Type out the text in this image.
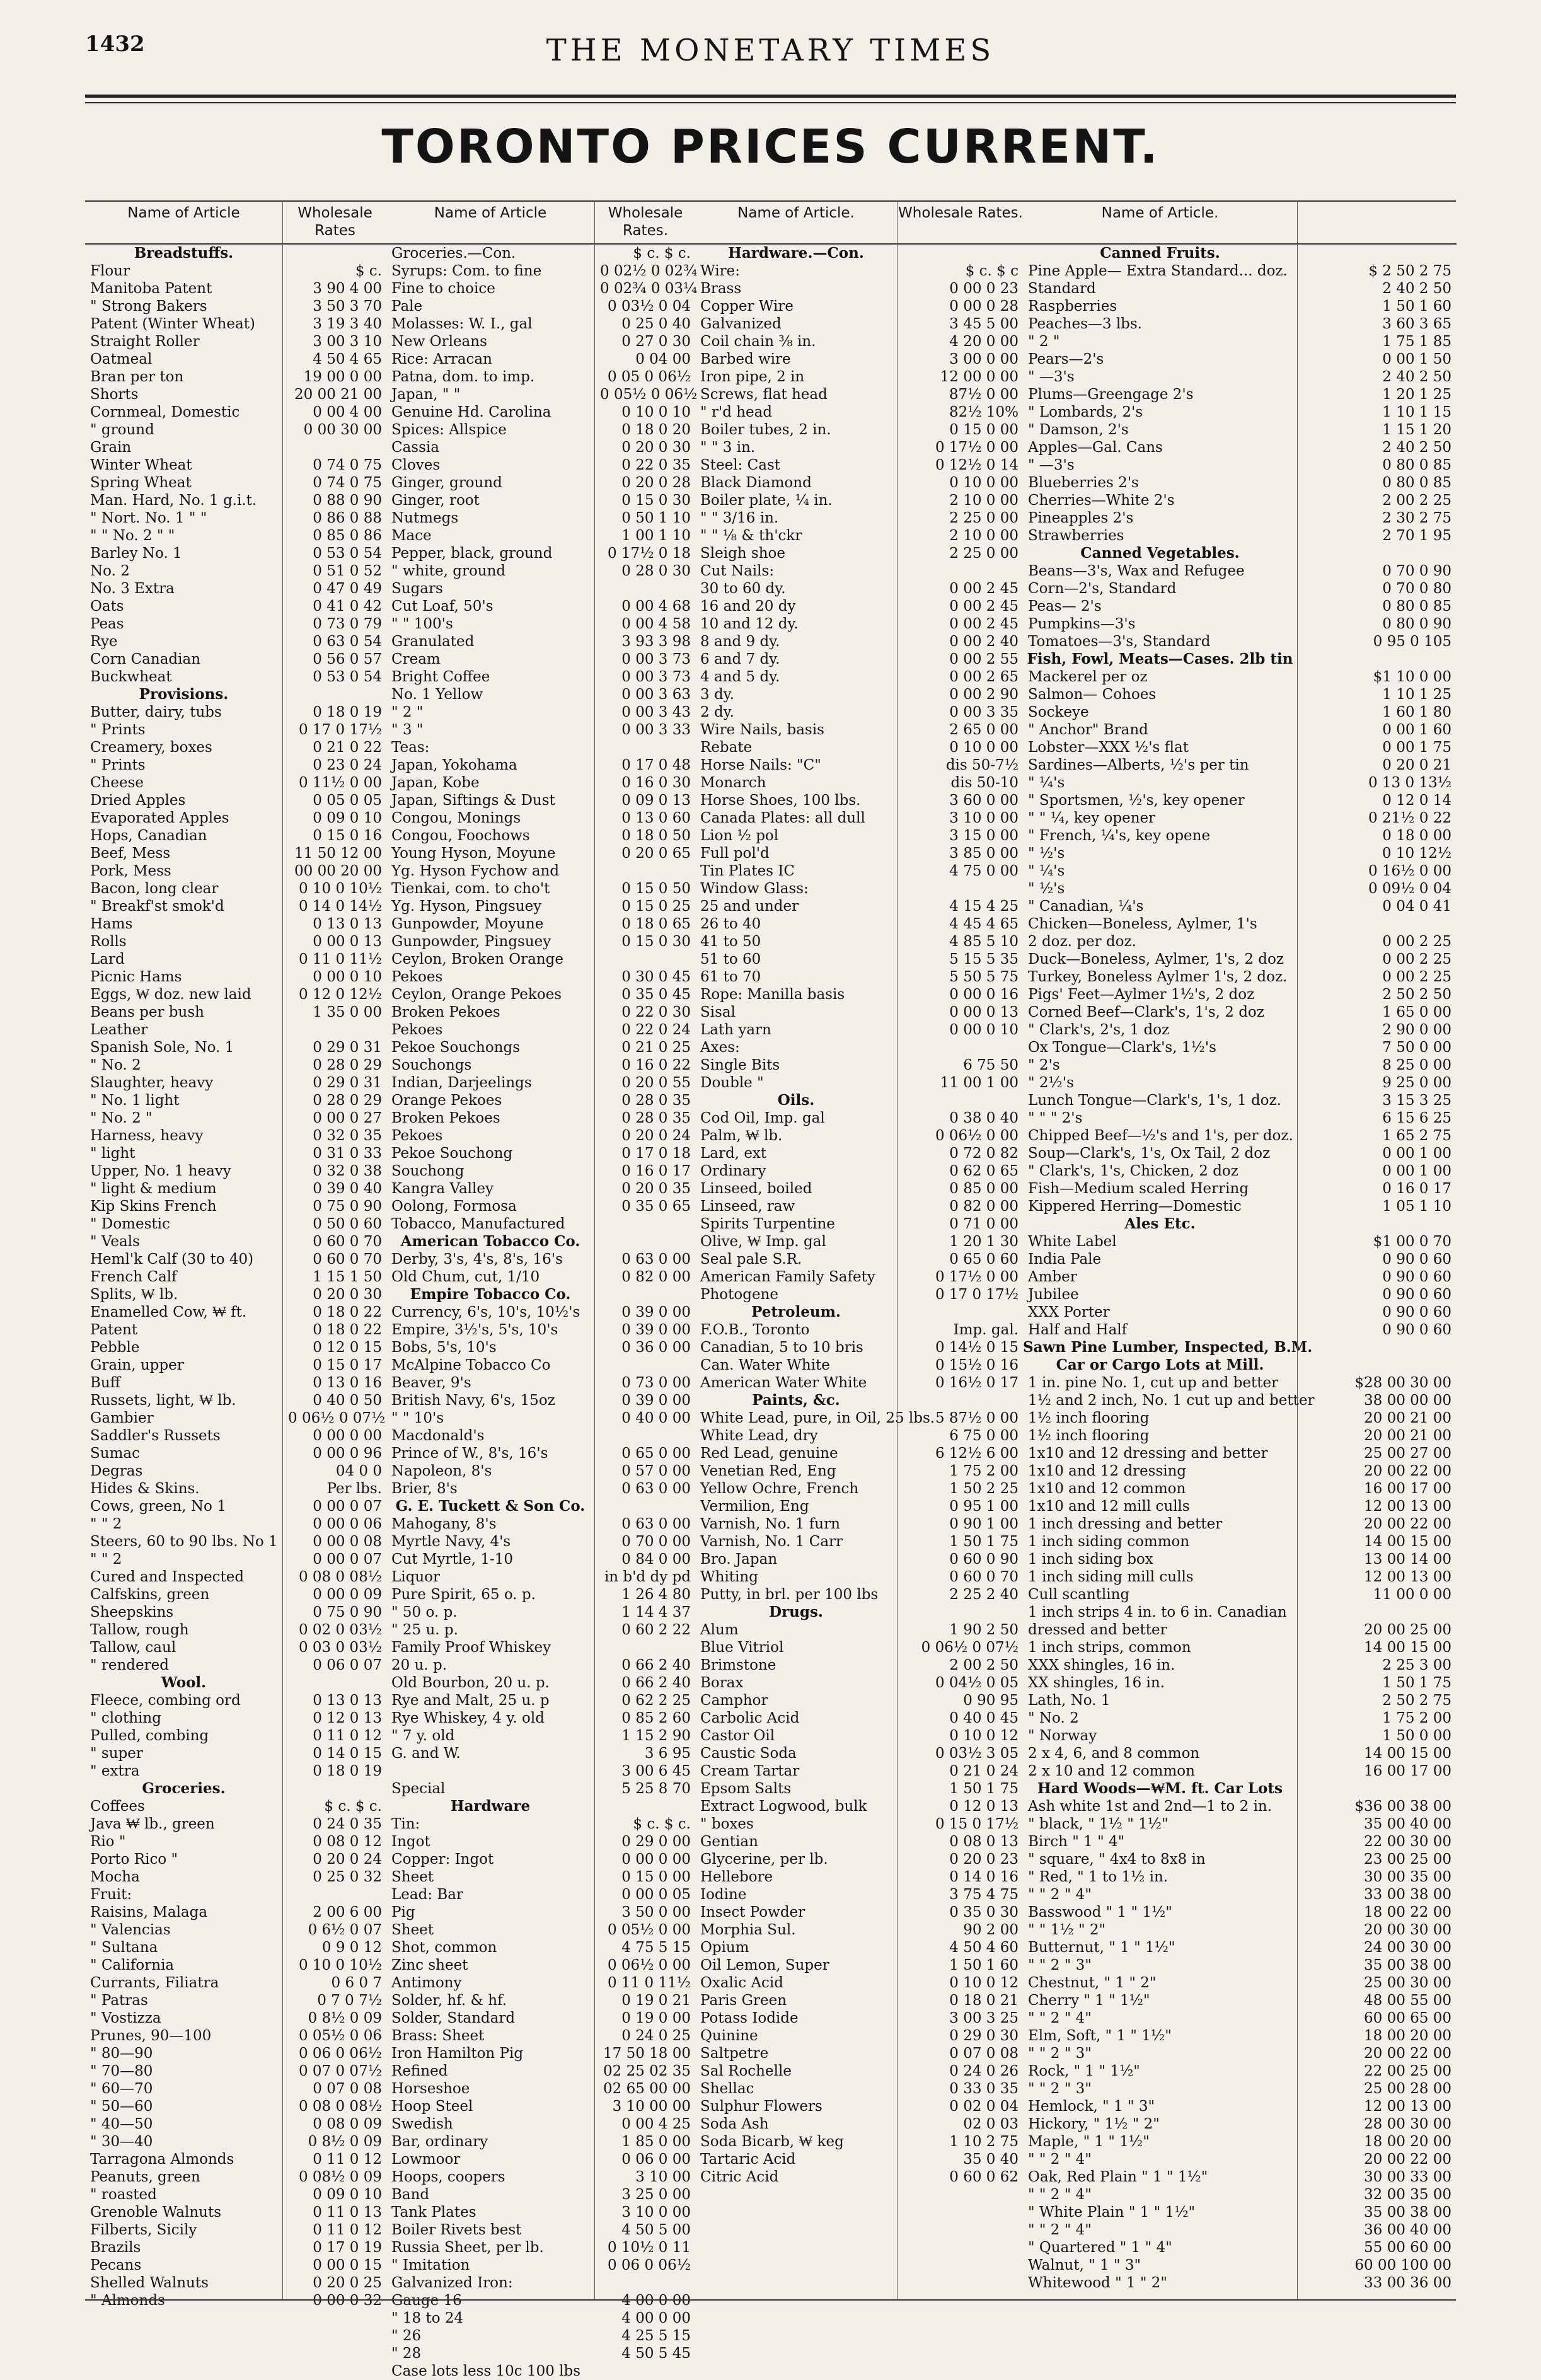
1432	THE MONETARY TIMES
TORONTO PRICES CURRENT.
Name of Article
Breadstuffs.
Flour
Manitoba Patent
" Strong Bakers
Patent (Winter Wheat)
Straight Roller
Oatmeal
Bran per ton
Shorts
Cornmeal, Domestic
" ground
Grain
Winter Wheat
Spring Wheat
Man. Hard, No. 1 g.i.t.
" Nort. No. 1 " "
" " No. 2 " "
Barley No. 1
No. 2
No. 3 Extra
Oats
Peas
Rye
Corn Canadian
Buckwheat
Provisions.
Butter, dairy, tubs
" Prints
Creamery, boxes
" Prints
Cheese
Dried Apples
Evaporated Apples
Hops, Canadian
Beef, Mess
Pork, Mess
Bacon, long clear
" Breakf'st smok'd
Hams
Rolls
Lard
Picnic Hams
Eggs, ₩ doz. new laid
Beans per bush
Leather
Spanish Sole, No. 1
" No. 2
Slaughter, heavy
" No. 1 light
" No. 2 "
Harness, heavy
" light
Upper, No. 1 heavy
" light & medium
Kip Skins French
" Domestic
" Veals
Heml'k Calf (30 to 40)
French Calf
Splits, ₩ lb.
Enamelled Cow, ₩ ft.
Patent
Pebble
Grain, upper
Buff
Russets, light, ₩ lb.
Gambier
Saddler's Russets
Sumac
Degras
Hides & Skins.
Cows, green, No 1
" " 2
Steers, 60 to 90 lbs. No 1
" " 2
Cured and Inspected
Calfskins, green
Sheepskins
Tallow, rough
Tallow, caul
" rendered
Wool.
Fleece, combing ord
" clothing
Pulled, combing
" super
" extra
Groceries.
Coffees
Java ₩ lb., green
Rio "
Porto Rico "
Mocha
Fruit:
Raisins, Malaga
" Valencias
" Sultana
" California
Currants, Filiatra
" Patras
" Vostizza
Prunes, 90—100
" 80—90
" 70—80
" 60—70
" 50—60
" 40—50
" 30—40
Tarragona Almonds
Peanuts, green
" roasted
Grenoble Walnuts
Filberts, Sicily
Brazils
Pecans
Shelled Walnuts
" Almonds
Wholesale Rates
$ c.
3 90 4 00
3 50 3 70
3 19 3 40
3 00 3 10
4 50 4 65
19 00 0 00
20 00 21 00
0 00 4 00
0 00 30 00
0 74 0 75
0 74 0 75
0 88 0 90
0 86 0 88
0 85 0 86
0 53 0 54
0 51 0 52
0 47 0 49
0 41 0 42
0 73 0 79
0 63 0 54
0 56 0 57
0 53 0 54
0 18 0 19
0 17 0 17½
0 21 0 22
0 23 0 24
0 11½ 0 00
0 05 0 05
0 09 0 10
0 15 0 16
11 50 12 00
00 00 20 00
0 10 0 10½
0 14 0 14½
0 13 0 13
0 00 0 13
0 11 0 11½
0 00 0 10
0 12 0 12½
1 35 0 00
0 29 0 31
0 28 0 29
0 29 0 31
0 28 0 29
0 00 0 27
0 32 0 35
0 31 0 33
0 32 0 38
0 39 0 40
0 75 0 90
0 50 0 60
0 60 0 70
0 60 0 70
1 15 1 50
0 20 0 30
0 18 0 22
0 18 0 22
0 12 0 15
0 15 0 17
0 13 0 16
0 40 0 50
0 06½ 0 07½
0 00 0 00
0 00 0 96
04 0 0
Per lbs.
0 00 0 07
0 00 0 06
0 00 0 08
0 00 0 07
0 08 0 08½
0 00 0 09
0 75 0 90
0 02 0 03½
0 03 0 03½
0 06 0 07
0 13 0 13
0 12 0 13
0 11 0 12
0 14 0 15
0 18 0 19
$ c. $ c.
0 24 0 35
0 08 0 12
0 20 0 24
0 25 0 32
2 00 6 00
0 6½ 0 07
0 9 0 12
0 10 0 10½
0 6 0 7
0 7 0 7½
0 8½ 0 09
0 05½ 0 06
0 06 0 06½
0 07 0 07½
0 07 0 08
0 08 0 08½
0 08 0 09
0 8½ 0 09
0 11 0 12
0 08½ 0 09
0 09 0 10
0 11 0 13
0 11 0 12
0 17 0 19
0 00 0 15
0 20 0 25
0 00 0 32
Name of Article
Groceries.—Con.
Syrups: Com. to fine
Fine to choice
Pale
Molasses: W. I., gal
New Orleans
Rice: Arracan
Patna, dom. to imp.
Japan, " "
Genuine Hd. Carolina
Spices: Allspice
Cassia
Cloves
Ginger, ground
Ginger, root
Nutmegs
Mace
Pepper, black, ground
" white, ground
Sugars
Cut Loaf, 50's
" " 100's
Granulated
Cream
Bright Coffee
No. 1 Yellow
" 2 "
" 3 "
Teas:
Japan, Yokohama
Japan, Kobe
Japan, Siftings & Dust
Congou, Monings
Congou, Foochows
Young Hyson, Moyune
Yg. Hyson Fychow and
Tienkai, com. to cho't
Yg. Hyson, Pingsuey
Gunpowder, Moyune
Gunpowder, Pingsuey
Ceylon, Broken Orange
Pekoes
Ceylon, Orange Pekoes
Broken Pekoes
Pekoes
Pekoe Souchongs
Souchongs
Indian, Darjeelings
Orange Pekoes
Broken Pekoes
Pekoes
Pekoe Souchong
Souchong
Kangra Valley
Oolong, Formosa
Tobacco, Manufactured
American Tobacco Co.
Derby, 3's, 4's, 8's, 16's
Old Chum, cut, 1/10
Empire Tobacco Co.
Currency, 6's, 10's, 10½'s
Empire, 3½'s, 5's, 10's
Bobs, 5's, 10's
McAlpine Tobacco Co
Beaver, 9's
British Navy, 6's, 15oz
" " 10's
Macdonald's
Prince of W., 8's, 16's
Napoleon, 8's
Brier, 8's
G. E. Tuckett & Son Co.
Mahogany, 8's
Myrtle Navy, 4's
Cut Myrtle, 1-10
Liquor
Pure Spirit, 65 o. p.
" 50 o. p.
" 25 u. p.
Family Proof Whiskey
20 u. p.
Old Bourbon, 20 u. p.
Rye and Malt, 25 u. p
Rye Whiskey, 4 y. old
" 7 y. old
G. and W.
Special
Hardware
Tin:
Ingot
Copper: Ingot
Sheet
Lead: Bar
Pig
Sheet
Shot, common
Zinc sheet
Antimony
Solder, hf. & hf.
Solder, Standard
Brass: Sheet
Iron Hamilton Pig
Refined
Horseshoe
Hoop Steel
Swedish
Bar, ordinary
Lowmoor
Hoops, coopers
Band
Tank Plates
Boiler Rivets best
Russia Sheet, per lb.
" Imitation
Galvanized Iron:
Gauge 16
" 18 to 24
" 26
" 28
Case lots less 10c 100 lbs
Wholesale Rates.
$ c. $ c.
0 02½ 0 02¾
0 02¾ 0 03¼
0 03½ 0 04
0 25 0 40
0 27 0 30
0 04 00
0 05 0 06½
0 05½ 0 06½
0 10 0 10
0 18 0 20
0 20 0 30
0 22 0 35
0 20 0 28
0 15 0 30
0 50 1 10
1 00 1 10
0 17½ 0 18
0 28 0 30
0 00 4 68
0 00 4 58
3 93 3 98
0 00 3 73
0 00 3 73
0 00 3 63
0 00 3 43
0 00 3 33
0 17 0 48
0 16 0 30
0 09 0 13
0 13 0 60
0 18 0 50
0 20 0 65
0 15 0 50
0 15 0 25
0 18 0 65
0 15 0 30
0 30 0 45
0 35 0 45
0 22 0 30
0 22 0 24
0 21 0 25
0 16 0 22
0 20 0 55
0 28 0 35
0 28 0 35
0 20 0 24
0 17 0 18
0 16 0 17
0 20 0 35
0 35 0 65
0 63 0 00
0 82 0 00
0 39 0 00
0 39 0 00
0 36 0 00
0 73 0 00
0 39 0 00
0 40 0 00
0 65 0 00
0 57 0 00
0 63 0 00
0 63 0 00
0 70 0 00
0 84 0 00
in b'd dy pd
1 26 4 80
1 14 4 37
0 60 2 22
0 66 2 40
0 66 2 40
0 62 2 25
0 85 2 60
1 15 2 90
3 6 95
3 00 6 45
5 25 8 70
$ c. $ c.
0 29 0 00
0 00 0 00
0 15 0 00
0 00 0 05
3 50 0 00
0 05½ 0 00
4 75 5 15
0 06½ 0 00
0 11 0 11½
0 19 0 21
0 19 0 00
0 24 0 25
17 50 18 00
02 25 02 35
02 65 00 00
3 10 00 00
0 00 4 25
1 85 0 00
0 06 0 00
3 10 00
3 25 0 00
3 10 0 00
4 50 5 00
0 10½ 0 11
0 06 0 06½
4 00 0 00
4 00 0 00
4 25 5 15
4 50 5 45
Name of Article.
Hardware.—Con.
Wire:
Brass
Copper Wire
Galvanized
Coil chain ⅜ in.
Barbed wire
Iron pipe, 2 in
Screws, flat head
" r'd head
Boiler tubes, 2 in.
" " 3 in.
Steel: Cast
Black Diamond
Boiler plate, ¼ in.
" " 3/16 in.
" " ⅛ & th'ckr
Sleigh shoe
Cut Nails:
30 to 60 dy.
16 and 20 dy
10 and 12 dy.
8 and 9 dy.
6 and 7 dy.
4 and 5 dy.
3 dy.
2 dy.
Wire Nails, basis
Rebate
Horse Nails: "C"
Monarch
Horse Shoes, 100 lbs.
Canada Plates: all dull
Lion ½ pol
Full pol'd
Tin Plates IC
Window Glass:
25 and under
26 to 40
41 to 50
51 to 60
61 to 70
Rope: Manilla basis
Sisal
Lath yarn
Axes:
Single Bits
Double "
Oils.
Cod Oil, Imp. gal
Palm, ₩ lb.
Lard, ext
Ordinary
Linseed, boiled
Linseed, raw
Spirits Turpentine
Olive, ₩ Imp. gal
Seal pale S.R.
American Family Safety
Photogene
Petroleum.
F.O.B., Toronto
Canadian, 5 to 10 bris
Can. Water White
American Water White
Paints, &c.
White Lead, pure, in Oil, 25 lbs.
White Lead, dry
Red Lead, genuine
Venetian Red, Eng
Yellow Ochre, French
Vermilion, Eng
Varnish, No. 1 furn
Varnish, No. 1 Carr
Bro. Japan
Whiting
Putty, in brl. per 100 lbs
Drugs.
Alum
Blue Vitriol
Brimstone
Borax
Camphor
Carbolic Acid
Castor Oil
Caustic Soda
Cream Tartar
Epsom Salts
Extract Logwood, bulk
" boxes
Gentian
Glycerine, per lb.
Hellebore
Iodine
Insect Powder
Morphia Sul.
Opium
Oil Lemon, Super
Oxalic Acid
Paris Green
Potass Iodide
Quinine
Saltpetre
Sal Rochelle
Shellac
Sulphur Flowers
Soda Ash
Soda Bicarb, ₩ keg
Tartaric Acid
Citric Acid
Wholesale Rates.
$ c. $ c
0 00 0 23
0 00 0 28
3 45 5 00
4 20 0 00
3 00 0 00
12 00 0 00
87½ 0 00
82½ 10%
0 15 0 00
0 17½ 0 00
0 12½ 0 14
0 10 0 00
2 10 0 00
2 25 0 00
2 10 0 00
2 25 0 00
0 00 2 45
0 00 2 45
0 00 2 45
0 00 2 40
0 00 2 55
0 00 2 65
0 00 2 90
0 00 3 35
2 65 0 00
0 10 0 00
dis 50-7½
dis 50-10
3 60 0 00
3 10 0 00
3 15 0 00
3 85 0 00
4 75 0 00
4 15 4 25
4 45 4 65
4 85 5 10
5 15 5 35
5 50 5 75
0 00 0 16
0 00 0 13
0 00 0 10
6 75 50
11 00 1 00
0 38 0 40
0 06½ 0 00
0 72 0 82
0 62 0 65
0 85 0 00
0 82 0 00
0 71 0 00
1 20 1 30
0 65 0 60
0 17½ 0 00
0 17 0 17½
Imp. gal.
0 14½ 0 15
0 15½ 0 16
0 16½ 0 17
5 87½ 0 00
6 75 0 00
6 12½ 6 00
1 75 2 00
1 50 2 25
0 95 1 00
0 90 1 00
1 50 1 75
0 60 0 90
0 60 0 70
2 25 2 40
1 90 2 50
0 06½ 0 07½
2 00 2 50
0 04½ 0 05
0 90 95
0 40 0 45
0 10 0 12
0 03½ 3 05
0 21 0 24
1 50 1 75
0 12 0 13
0 15 0 17½
0 08 0 13
0 20 0 23
0 14 0 16
3 75 4 75
0 35 0 30
90 2 00
4 50 4 60
1 50 1 60
0 10 0 12
0 18 0 21
3 00 3 25
0 29 0 30
0 07 0 08
0 24 0 26
0 33 0 35
0 02 0 04
02 0 03
1 10 2 75
35 0 40
0 60 0 62
Name of Article.
Canned Fruits.
Pine Apple— Extra Standard... doz.
Standard
Raspberries
Peaches—3 lbs.
" 2 "
Pears—2's
" —3's
Plums—Greengage 2's
" Lombards, 2's
" Damson, 2's
Apples—Gal. Cans
" —3's
Blueberries 2's
Cherries—White 2's
Pineapples 2's
Strawberries
Canned Vegetables.
Beans—3's, Wax and Refugee
Corn—2's, Standard
Peas— 2's
Pumpkins—3's
Tomatoes—3's, Standard
Fish, Fowl, Meats—Cases. 2lb tin
Mackerel per oz
Salmon— Cohoes
Sockeye
" Anchor" Brand
Lobster—XXX ½'s flat
Sardines—Alberts, ½'s per tin
" ¼'s
" Sportsmen, ½'s, key opener
" " ¼, key opener
" French, ¼'s, key opene
" ½'s
" ¼'s
" ½'s
" Canadian, ¼'s
Chicken—Boneless, Aylmer, 1's
2 doz. per doz.
Duck—Boneless, Aylmer, 1's, 2 doz
Turkey, Boneless Aylmer 1's, 2 doz.
Pigs' Feet—Aylmer 1½'s, 2 doz
Corned Beef—Clark's, 1's, 2 doz
" Clark's, 2's, 1 doz
Ox Tongue—Clark's, 1½'s
" 2's
" 2½'s
Lunch Tongue—Clark's, 1's, 1 doz.
" " " 2's
Chipped Beef—½'s and 1's, per doz.
Soup—Clark's, 1's, Ox Tail, 2 doz
" Clark's, 1's, Chicken, 2 doz
Fish—Medium scaled Herring
Kippered Herring—Domestic
Ales Etc.
White Label
India Pale
Amber
Jubilee
XXX Porter
Half and Half
Sawn Pine Lumber, Inspected, B.M.
Car or Cargo Lots at Mill.
1 in. pine No. 1, cut up and better
1½ and 2 inch, No. 1 cut up and better
1½ inch flooring
1½ inch flooring
1x10 and 12 dressing and better
1x10 and 12 dressing
1x10 and 12 common
1x10 and 12 mill culls
1 inch dressing and better
1 inch siding common
1 inch siding box
1 inch siding mill culls
Cull scantling
1 inch strips 4 in. to 6 in. Canadian
dressed and better
1 inch strips, common
XXX shingles, 16 in.
XX shingles, 16 in.
Lath, No. 1
" No. 2
" Norway
2 x 4, 6, and 8 common
2 x 10 and 12 common
Hard Woods—₩M. ft. Car Lots
Ash white 1st and 2nd—1 to 2 in.
" black, " 1½ " 1½"
Birch " 1 " 4"
" square, " 4x4 to 8x8 in
" Red, " 1 to 1½ in.
" " 2 " 4"
Basswood " 1 " 1½"
" " 1½ " 2"
Butternut, " 1 " 1½"
" " 2 " 3"
Chestnut, " 1 " 2"
Cherry " 1 " 1½"
" " 2 " 4"
Elm, Soft, " 1 " 1½"
" " 2 " 3"
Rock, " 1 " 1½"
" " 2 " 3"
Hemlock, " 1 " 3"
Hickory, " 1½ " 2"
Maple, " 1 " 1½"
" " 2 " 4"
Oak, Red Plain " 1 " 1½"
" " 2 " 4"
" White Plain " 1 " 1½"
" " 2 " 4"
" Quartered " 1 " 4"
Walnut, " 1 " 3"
Whitewood " 1 " 2"
$ 2 50 2 75
2 40 2 50
1 50 1 60
3 60 3 65
1 75 1 85
0 00 1 50
2 40 2 50
1 20 1 25
1 10 1 15
1 15 1 20
2 40 2 50
0 80 0 85
0 80 0 85
2 00 2 25
2 30 2 75
2 70 1 95
0 70 0 90
0 70 0 80
0 80 0 85
0 80 0 90
0 95 0 105
$1 10 0 00
1 10 1 25
1 60 1 80
0 00 1 60
0 00 1 75
0 20 0 21
0 13 0 13½
0 12 0 14
0 21½ 0 22
0 18 0 00
0 10 12½
0 16½ 0 00
0 09½ 0 04
0 04 0 41
0 00 2 25
0 00 2 25
0 00 2 25
2 50 2 50
1 65 0 00
2 90 0 00
7 50 0 00
8 25 0 00
9 25 0 00
3 15 3 25
6 15 6 25
1 65 2 75
0 00 1 00
0 00 1 00
0 16 0 17
1 05 1 10
$1 00 0 70
0 90 0 60
0 90 0 60
0 90 0 60
0 90 0 60
0 90 0 60
$28 00 30 00
38 00 00 00
20 00 21 00
20 00 21 00
25 00 27 00
20 00 22 00
16 00 17 00
12 00 13 00
20 00 22 00
14 00 15 00
13 00 14 00
12 00 13 00
11 00 0 00
20 00 25 00
14 00 15 00
2 25 3 00
1 50 1 75
2 50 2 75
1 75 2 00
1 50 0 00
14 00 15 00
16 00 17 00
$36 00 38 00
35 00 40 00
22 00 30 00
23 00 25 00
30 00 35 00
33 00 38 00
18 00 22 00
20 00 30 00
24 00 30 00
35 00 38 00
25 00 30 00
48 00 55 00
60 00 65 00
18 00 20 00
20 00 22 00
22 00 25 00
25 00 28 00
12 00 13 00
28 00 30 00
18 00 20 00
20 00 22 00
30 00 33 00
32 00 35 00
35 00 38 00
36 00 40 00
55 00 60 00
60 00 100 00
33 00 36 00
